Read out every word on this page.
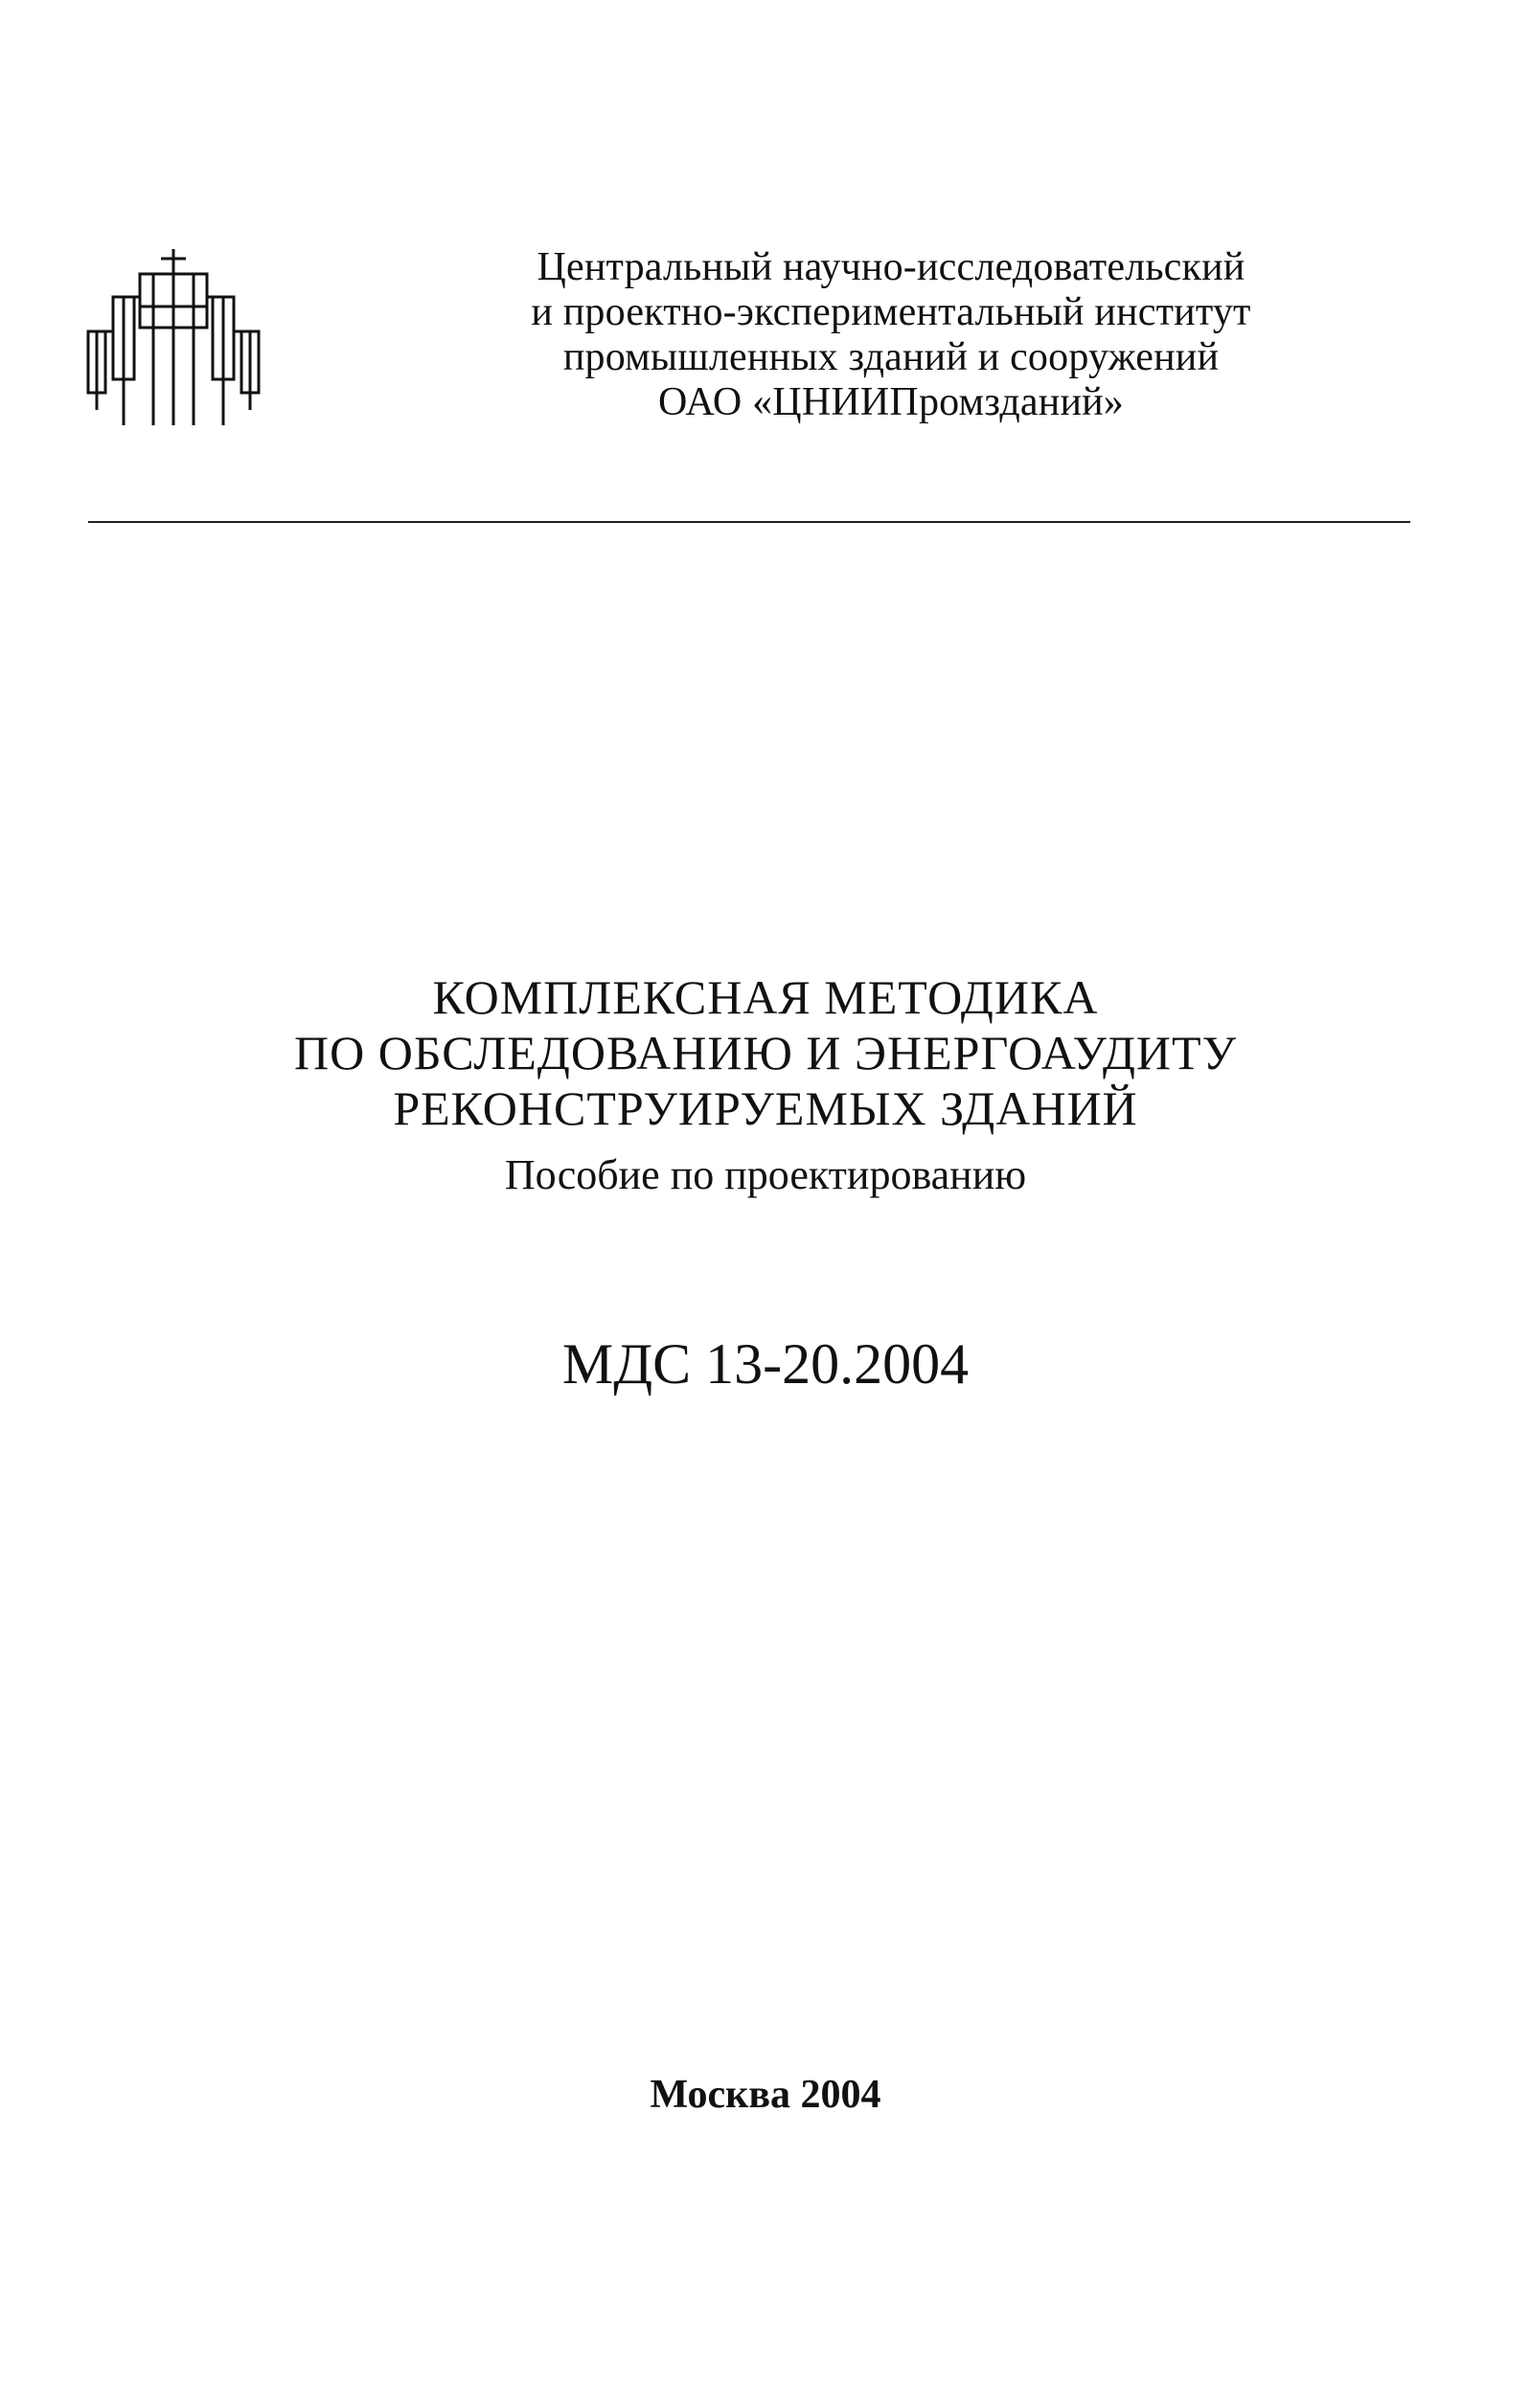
Центральный научно-исследовательский
и проектно-экспериментальный институт
промышленных зданий и сооружений
ОАО «ЦНИИПромзданий»
КОМПЛЕКСНАЯ МЕТОДИКА
ПО ОБСЛЕДОВАНИЮ И ЭНЕРГОАУДИТУ
РЕКОНСТРУИРУЕМЫХ ЗДАНИЙ
Пособие по проектированию
МДС 13-20.2004
Москва 2004
